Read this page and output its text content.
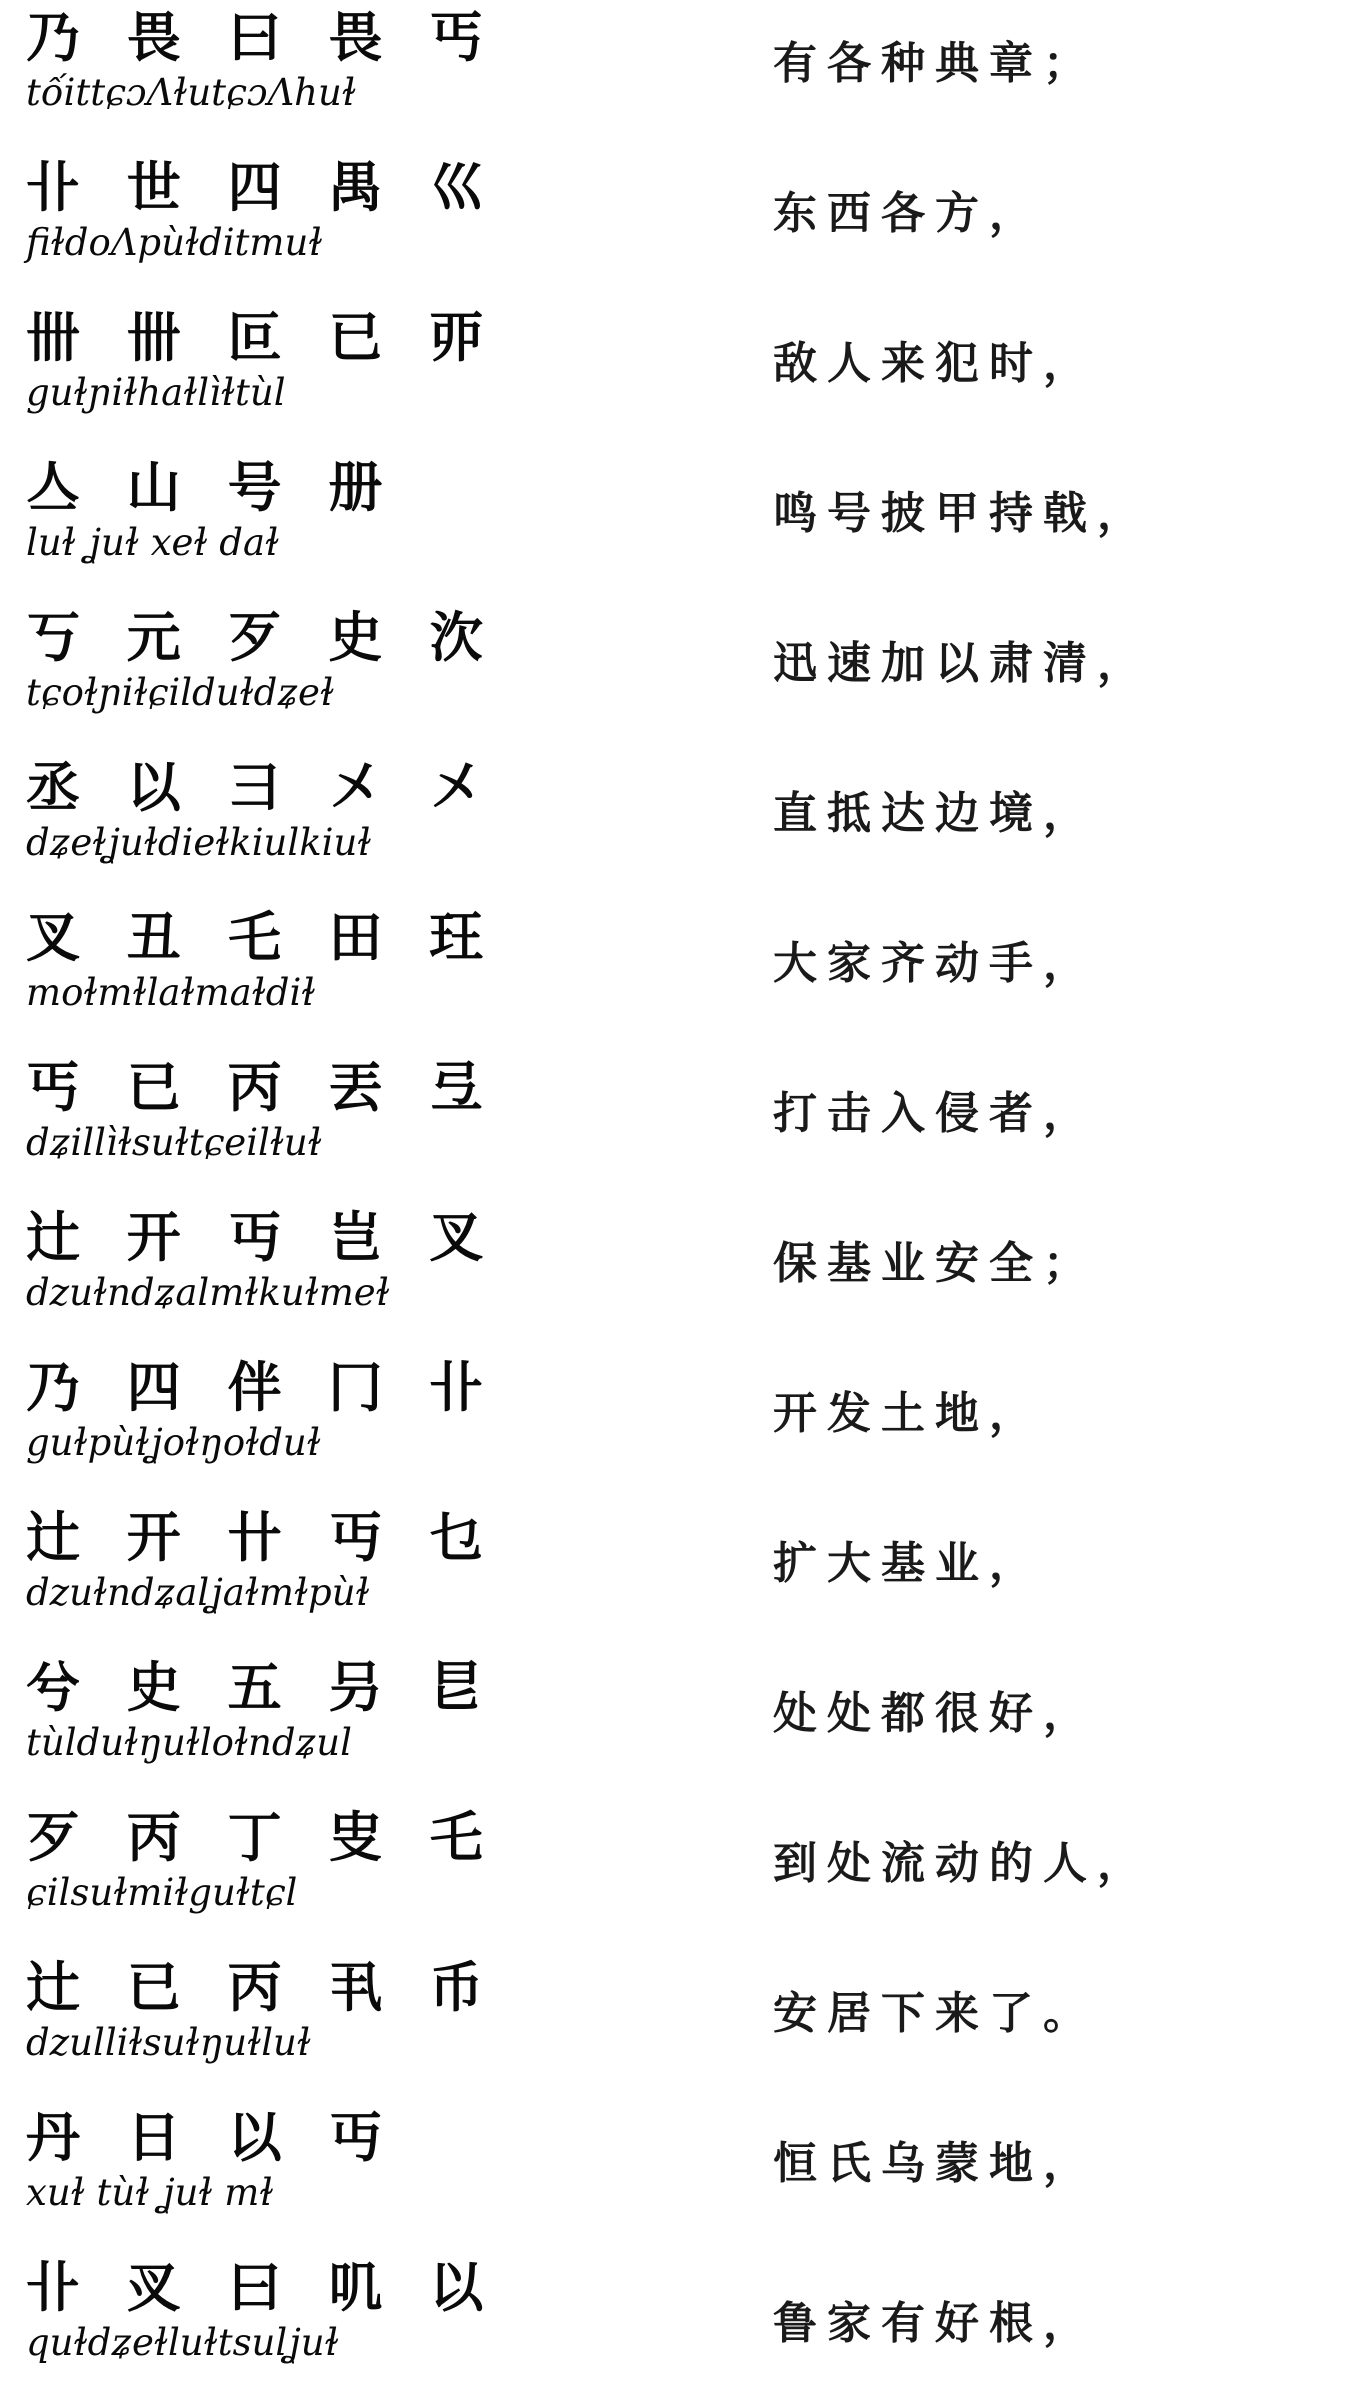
乃 畏 曰 畏 丐
tốittɕɔɅɫutɕɔɅhuɫ
有各种典章；
卝 世 四 禺 巛
fiɫdoɅpùɫditmuɫ
东西各方，
卌 卌 叵 已 丣
guɫɲiɫhaɫlìɫtùl
敌人来犯时，
亼 山 号 册
luɫ ʝuɫ xeɫ daɫ
鸣号披甲持戟，
丂 元 歹 史 㳄
tɕoɫɲiɫɕilduɫdʑeɫ
迅速加以肃清，
丞 以 ⺕ 㐅 㐅
dʑeɫʝuɫdieɫkiulkiuɫ
直抵达边境，
叉 丑 乇 田 玨
moɫmɫlaɫmaɫdiɫ
大家齐动手，
丐 已 丙 丟 弖
dʑillìɫsuɫtɕeilɫuɫ
打击入侵者，
辻 开 丏 岂 叉
dzuɫndʑalmɫkuɫmeɫ
保基业安全；
乃 四 伴 冂 卝
guɫpùɫʝoɫŋoɫduɫ
开发土地，
辻 开 卄 丏 乜
dzuɫndʑalʝaɫmɫpùɫ
扩大基业，
兮 史 五 叧 㫐
tùlduɫŋuɫloɫndʑul
处处都很好，
歹 丙 丁 㕜 乇
ɕilsuɫmiɫguɫtɕl
到处流动的人，
辻 已 丙 丮 币
dzulliɫsuɫŋuɫluɫ
安居下来了。
丹 日 以 丏
xuɫ tùɫ ʝuɫ mɫ
恒氏乌蒙地，
卝 㕚 曰 叽 以
quɫdʑeɫluɫtsulʝuɫ	鲁家有好根，
